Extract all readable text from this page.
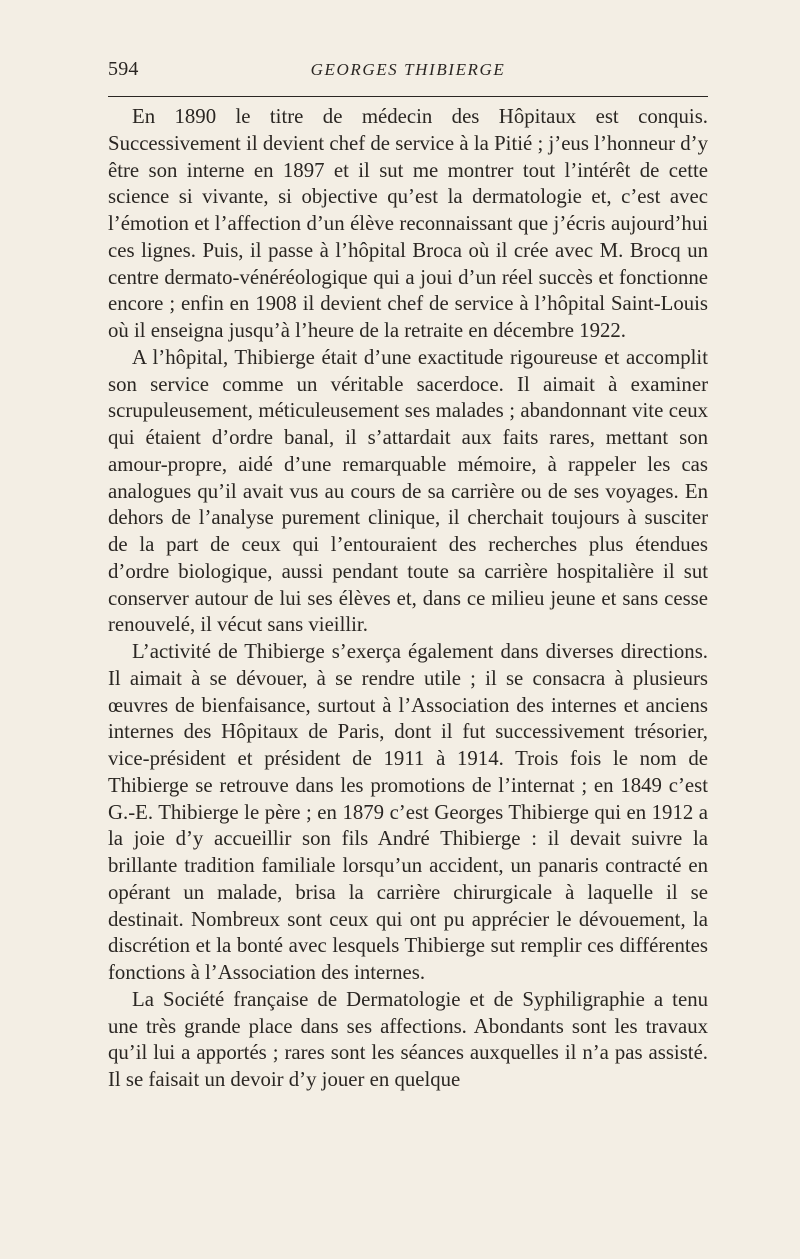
594	GEORGES THIBIERGE

En 1890 le titre de médecin des Hôpitaux est conquis. Successivement il devient chef de service à la Pitié ; j’eus l’honneur d’y être son interne en 1897 et il sut me montrer tout l’intérêt de cette science si vivante, si objective qu’est la dermatologie et, c’est avec l’émotion et l’affection d’un élève reconnaissant que j’écris aujourd’hui ces lignes. Puis, il passe à l’hôpital Broca où il crée avec M. Brocq un centre dermato-vénéréologique qui a joui d’un réel succès et fonctionne encore ; enfin en 1908 il devient chef de service à l’hôpital Saint-Louis où il enseigna jusqu’à l’heure de la retraite en décembre 1922.

A l’hôpital, Thibierge était d’une exactitude rigoureuse et accomplit son service comme un véritable sacerdoce. Il aimait à examiner scrupuleusement, méticuleusement ses malades ; abandonnant vite ceux qui étaient d’ordre banal, il s’attardait aux faits rares, mettant son amour-propre, aidé d’une remarquable mémoire, à rappeler les cas analogues qu’il avait vus au cours de sa carrière ou de ses voyages. En dehors de l’analyse purement clinique, il cherchait toujours à susciter de la part de ceux qui l’entouraient des recherches plus étendues d’ordre biologique, aussi pendant toute sa carrière hospitalière il sut conserver autour de lui ses élèves et, dans ce milieu jeune et sans cesse renouvelé, il vécut sans vieillir.

L’activité de Thibierge s’exerça également dans diverses directions. Il aimait à se dévouer, à se rendre utile ; il se consacra à plusieurs œuvres de bienfaisance, surtout à l’Association des internes et anciens internes des Hôpitaux de Paris, dont il fut successivement trésorier, vice-président et président de 1911 à 1914. Trois fois le nom de Thibierge se retrouve dans les promotions de l’internat ; en 1849 c’est G.-E. Thibierge le père ; en 1879 c’est Georges Thibierge qui en 1912 a la joie d’y accueillir son fils André Thibierge : il devait suivre la brillante tradition familiale lorsqu’un accident, un panaris contracté en opérant un malade, brisa la carrière chirurgicale à laquelle il se destinait. Nombreux sont ceux qui ont pu apprécier le dévouement, la discrétion et la bonté avec lesquels Thibierge sut remplir ces différentes fonctions à l’Association des internes.

La Société française de Dermatologie et de Syphiligraphie a tenu une très grande place dans ses affections. Abondants sont les travaux qu’il lui a apportés ; rares sont les séances auxquelles il n’a pas assisté. Il se faisait un devoir d’y jouer en quelque
